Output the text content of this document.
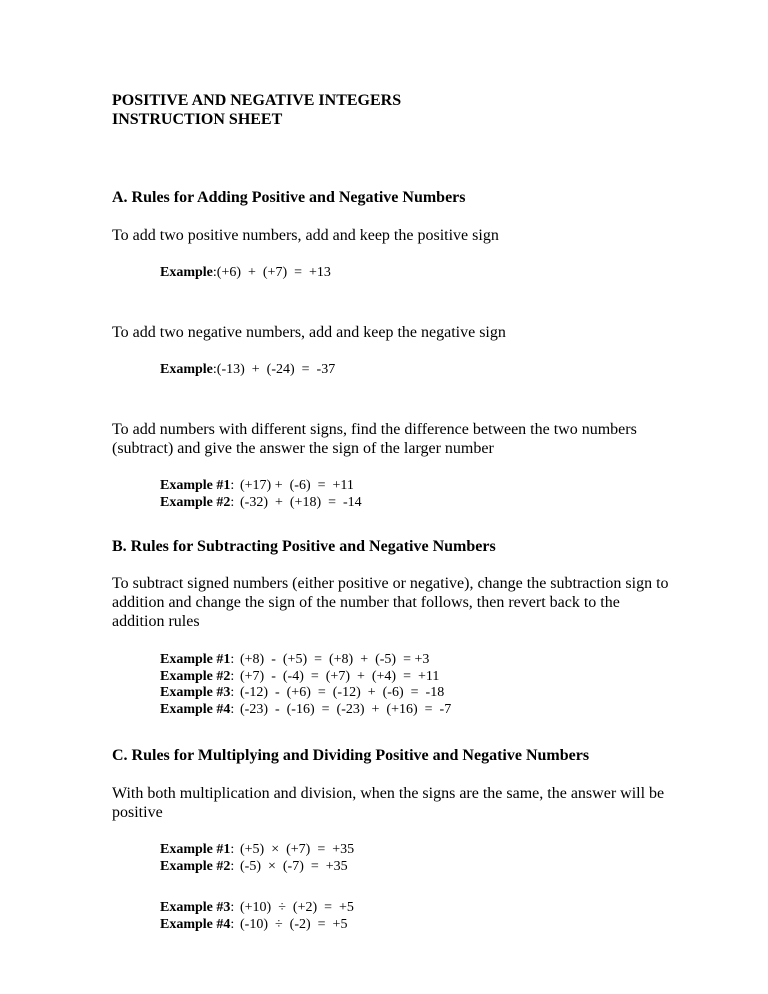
POSITIVE AND NEGATIVE INTEGERS
INSTRUCTION SHEET

A. Rules for Adding Positive and Negative Numbers

To add two positive numbers, add and keep the positive sign

Example: (+6)  +  (+7)  =  +13

To add two negative numbers, add and keep the negative sign

Example: (-13)  +  (-24)  =  -37

To add numbers with different signs, find the difference between the two numbers (subtract) and give the answer the sign of the larger number

Example #1: (+17) +  (-6)  =  +11
Example #2: (-32)  +  (+18)  =  -14

B. Rules for Subtracting Positive and Negative Numbers

To subtract signed numbers (either positive or negative), change the subtraction sign to addition and change the sign of the number that follows, then revert back to the addition rules

Example #1: (+8)  -  (+5)  =  (+8)  +  (-5)  = +3
Example #2: (+7)  -  (-4)  =  (+7)  +  (+4)  =  +11
Example #3: (-12)  -  (+6)  =  (-12)  +  (-6)  =  -18
Example #4: (-23)  -  (-16)  =  (-23)  +  (+16)  =  -7

C. Rules for Multiplying and Dividing Positive and Negative Numbers

With both multiplication and division, when the signs are the same, the answer will be positive

Example #1: (+5)  ×  (+7)  =  +35
Example #2: (-5)  ×  (-7)  =  +35
Example #3: (+10)  ÷  (+2)  =  +5
Example #4: (-10)  ÷  (-2)  =  +5
